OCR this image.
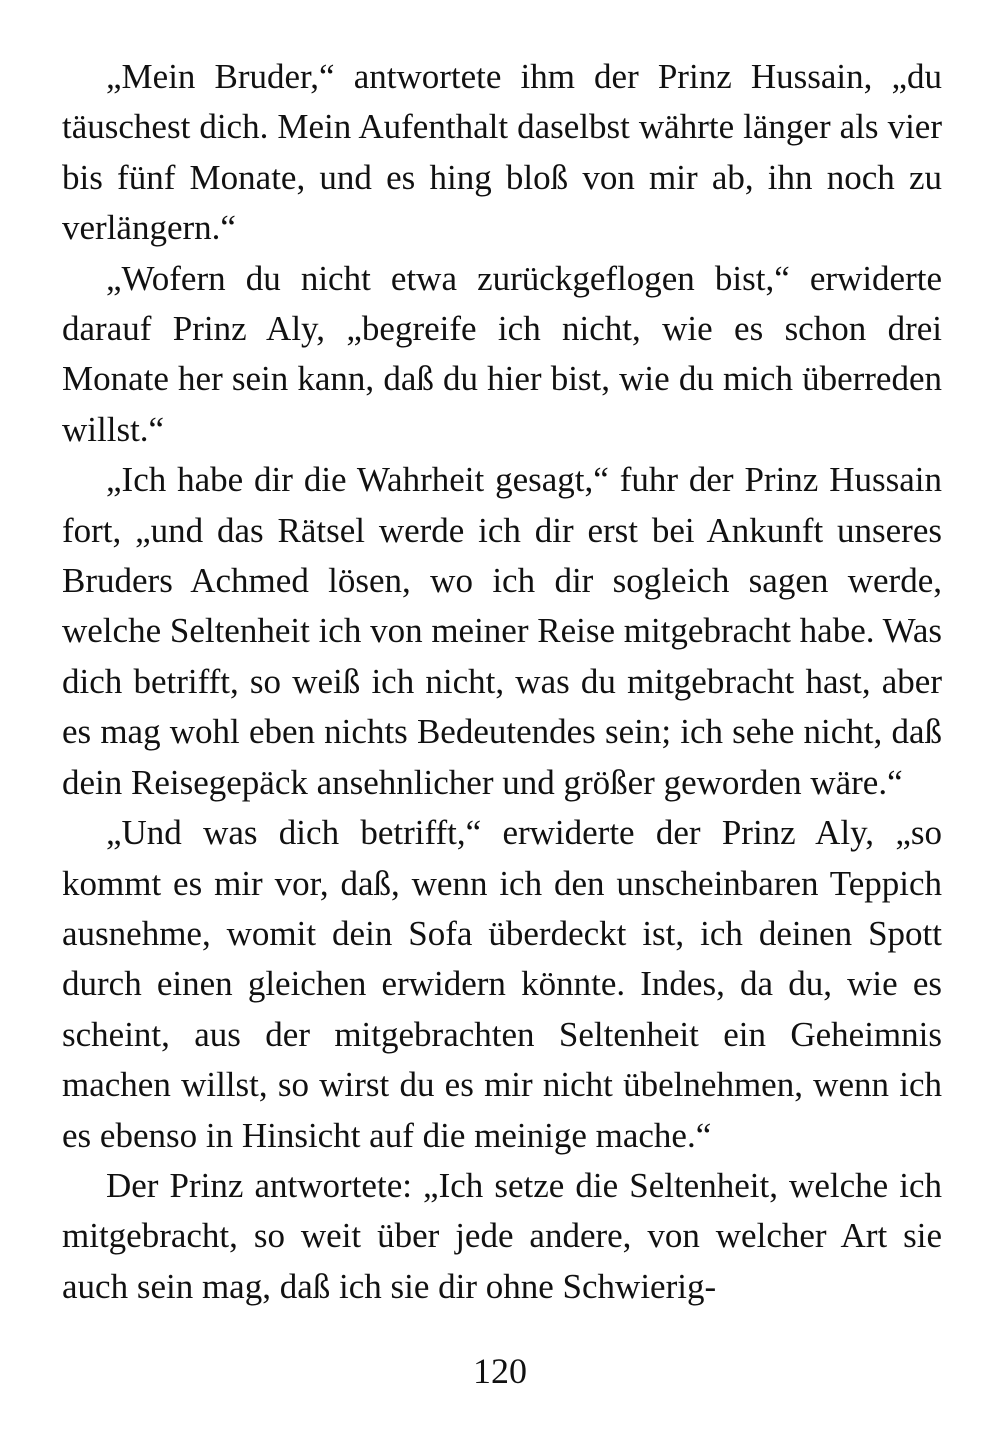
„Mein Bruder,“ antwortete ihm der Prinz Hussain, „du täuschest dich. Mein Aufenthalt daselbst währte länger als vier bis fünf Monate, und es hing bloß von mir ab, ihn noch zu verlängern.“

„Wofern du nicht etwa zurückgeflogen bist,“ erwiderte darauf Prinz Aly, „begreife ich nicht, wie es schon drei Monate her sein kann, daß du hier bist, wie du mich überreden willst.“

„Ich habe dir die Wahrheit gesagt,“ fuhr der Prinz Hussain fort, „und das Rätsel werde ich dir erst bei Ankunft unseres Bruders Achmed lösen, wo ich dir sogleich sagen werde, welche Seltenheit ich von meiner Reise mitgebracht habe. Was dich betrifft, so weiß ich nicht, was du mitgebracht hast, aber es mag wohl eben nichts Bedeutendes sein; ich sehe nicht, daß dein Reisegepäck ansehnlicher und größer geworden wäre.“

„Und was dich betrifft,“ erwiderte der Prinz Aly, „so kommt es mir vor, daß, wenn ich den unscheinbaren Teppich ausnehme, womit dein Sofa überdeckt ist, ich deinen Spott durch einen gleichen erwidern könnte. Indes, da du, wie es scheint, aus der mitgebrachten Seltenheit ein Geheimnis machen willst, so wirst du es mir nicht übelnehmen, wenn ich es ebenso in Hinsicht auf die meinige mache.“

Der Prinz antwortete: „Ich setze die Seltenheit, welche ich mitgebracht, so weit über jede andere, von welcher Art sie auch sein mag, daß ich sie dir ohne Schwierig-

120
